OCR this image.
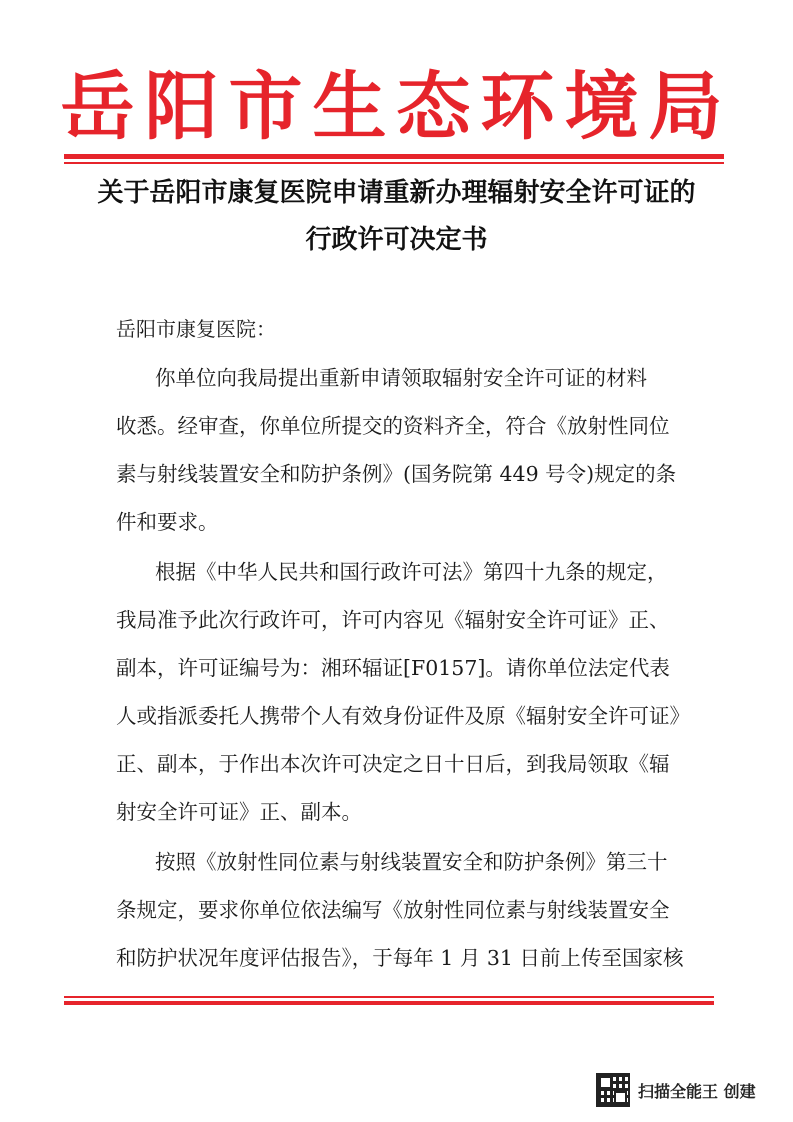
岳阳市生态环境局
关于岳阳市康复医院申请重新办理辐射安全许可证的
行政许可决定书
岳阳市康复医院：
你单位向我局提出重新申请领取辐射安全许可证的材料
收悉。经审查，你单位所提交的资料齐全，符合《放射性同位
素与射线装置安全和防护条例》(国务院第 449 号令)规定的条
件和要求。
根据《中华人民共和国行政许可法》第四十九条的规定，
我局准予此次行政许可，许可内容见《辐射安全许可证》正、
副本，许可证编号为：湘环辐证[F0157]。请你单位法定代表
人或指派委托人携带个人有效身份证件及原《辐射安全许可证》
正、副本，于作出本次许可决定之日十日后，到我局领取《辐
射安全许可证》正、副本。
按照《放射性同位素与射线装置安全和防护条例》第三十
条规定，要求你单位依法编写《放射性同位素与射线装置安全
和防护状况年度评估报告》，于每年 1 月 31 日前上传至国家核
扫描全能王 创建
